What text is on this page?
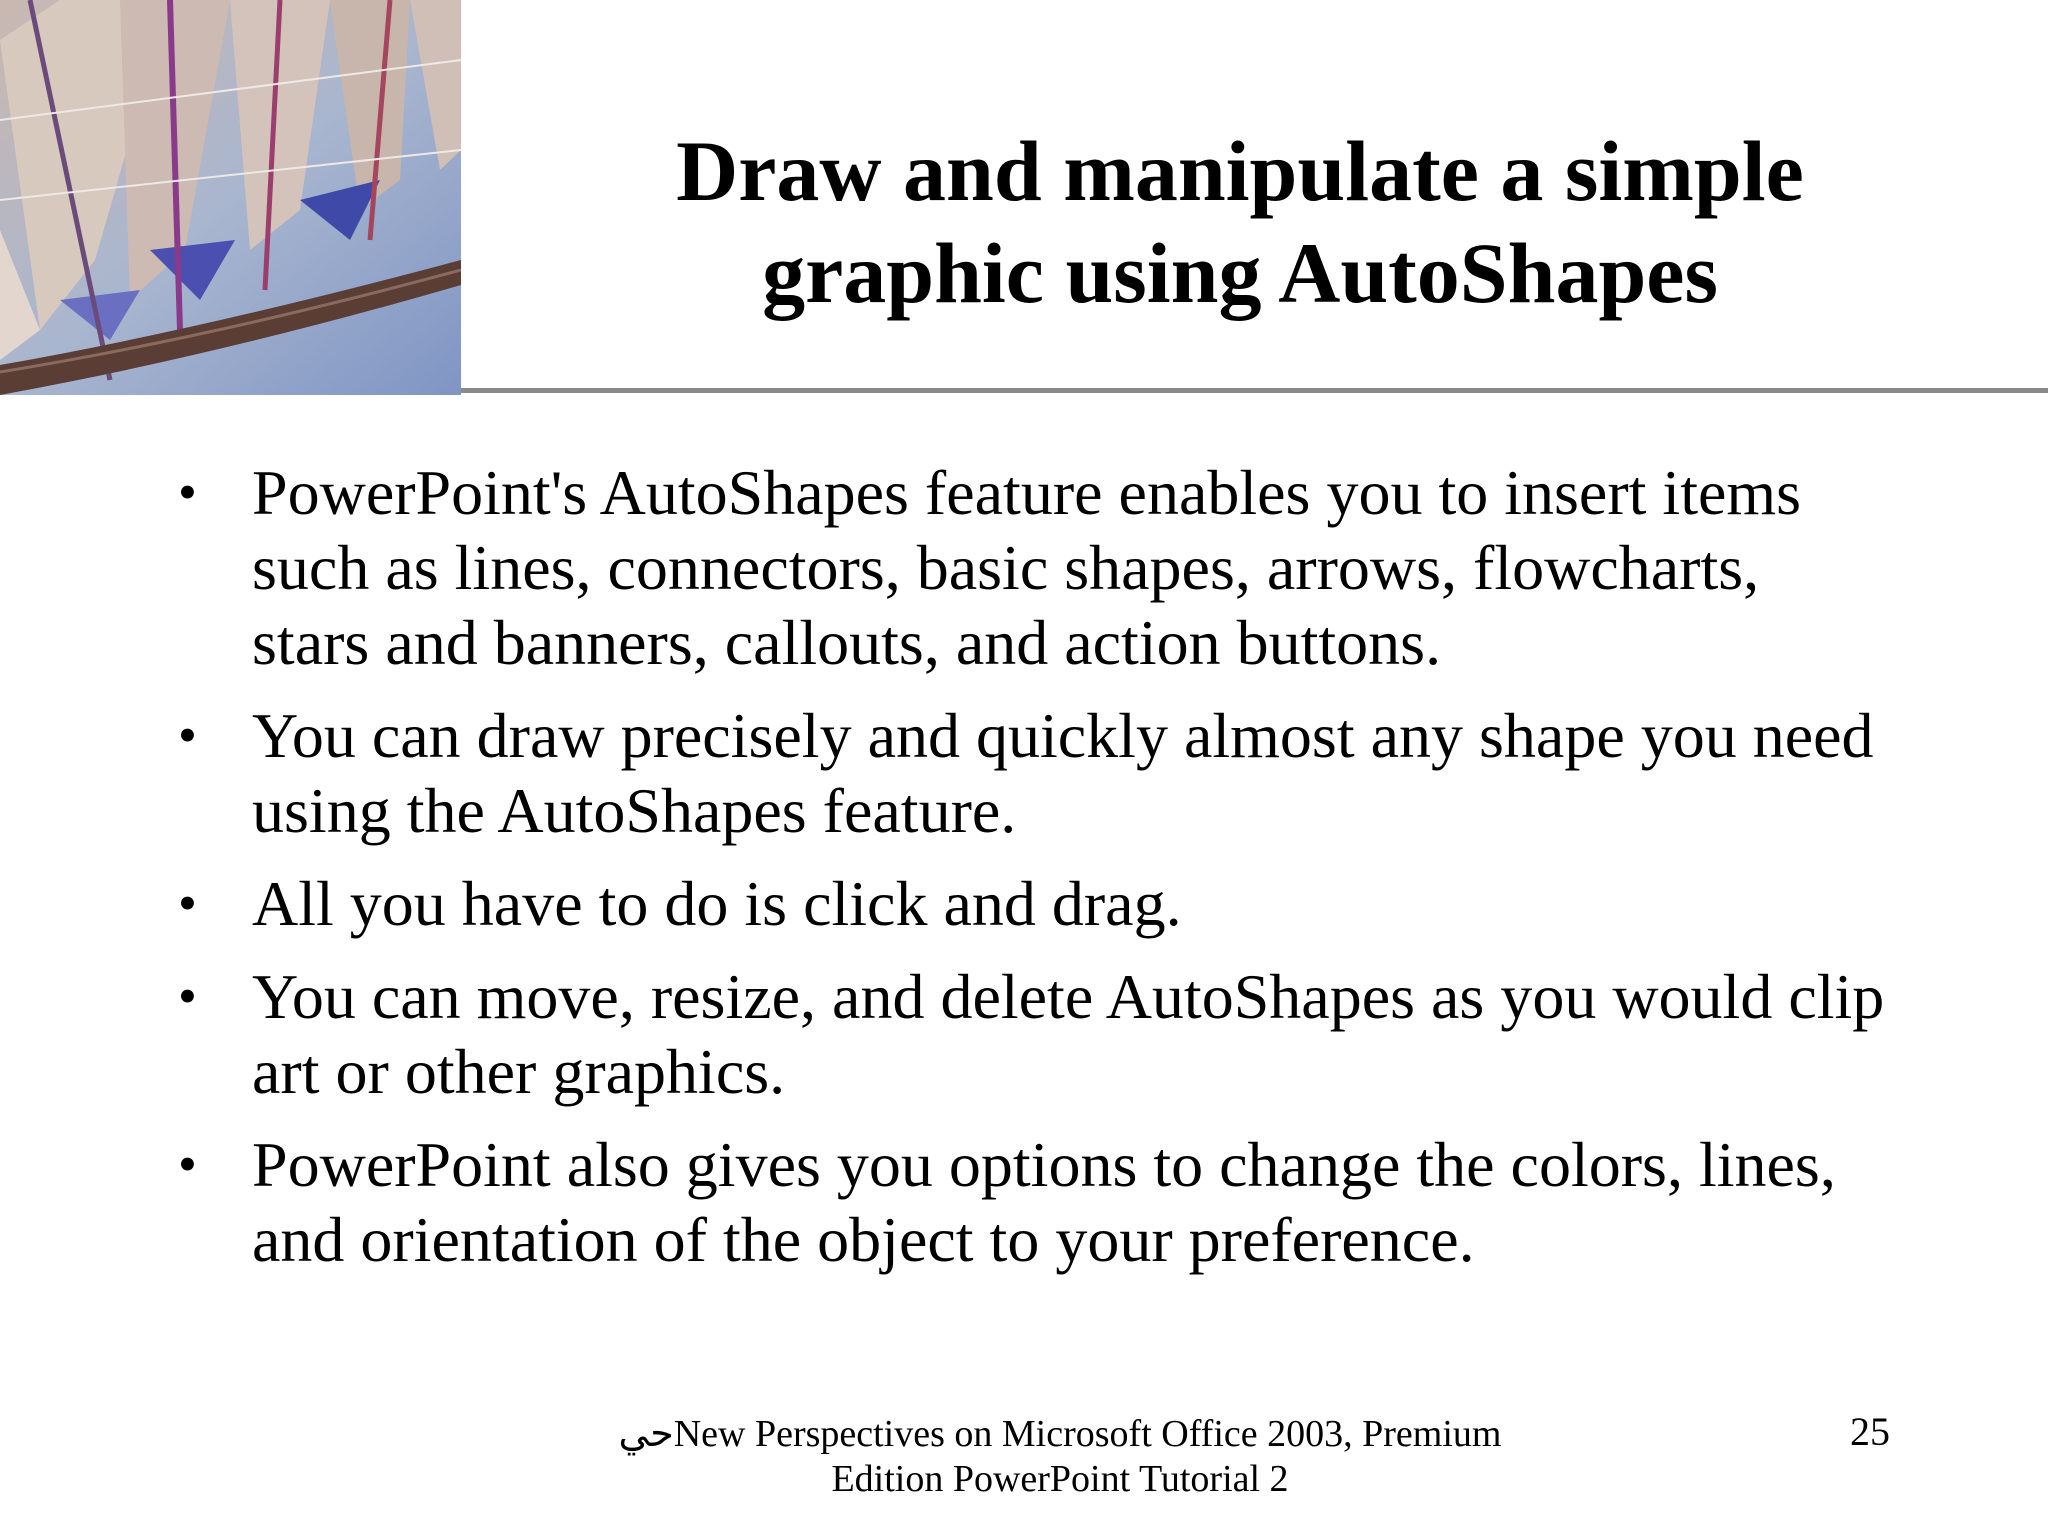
Draw and manipulate a simple
graphic using AutoShapes
• PowerPoint's AutoShapes feature enables you to insert items such as lines, connectors, basic shapes, arrows, flowcharts, stars and banners, callouts, and action buttons.
• You can draw precisely and quickly almost any shape you need using the AutoShapes feature.
• All you have to do is click and drag.
• You can move, resize, and delete AutoShapes as you would clip art or other graphics.
• PowerPoint also gives you options to change the colors, lines, and orientation of the object to your preference.
حيNew Perspectives on Microsoft Office 2003, Premium
Edition PowerPoint Tutorial 2
25
